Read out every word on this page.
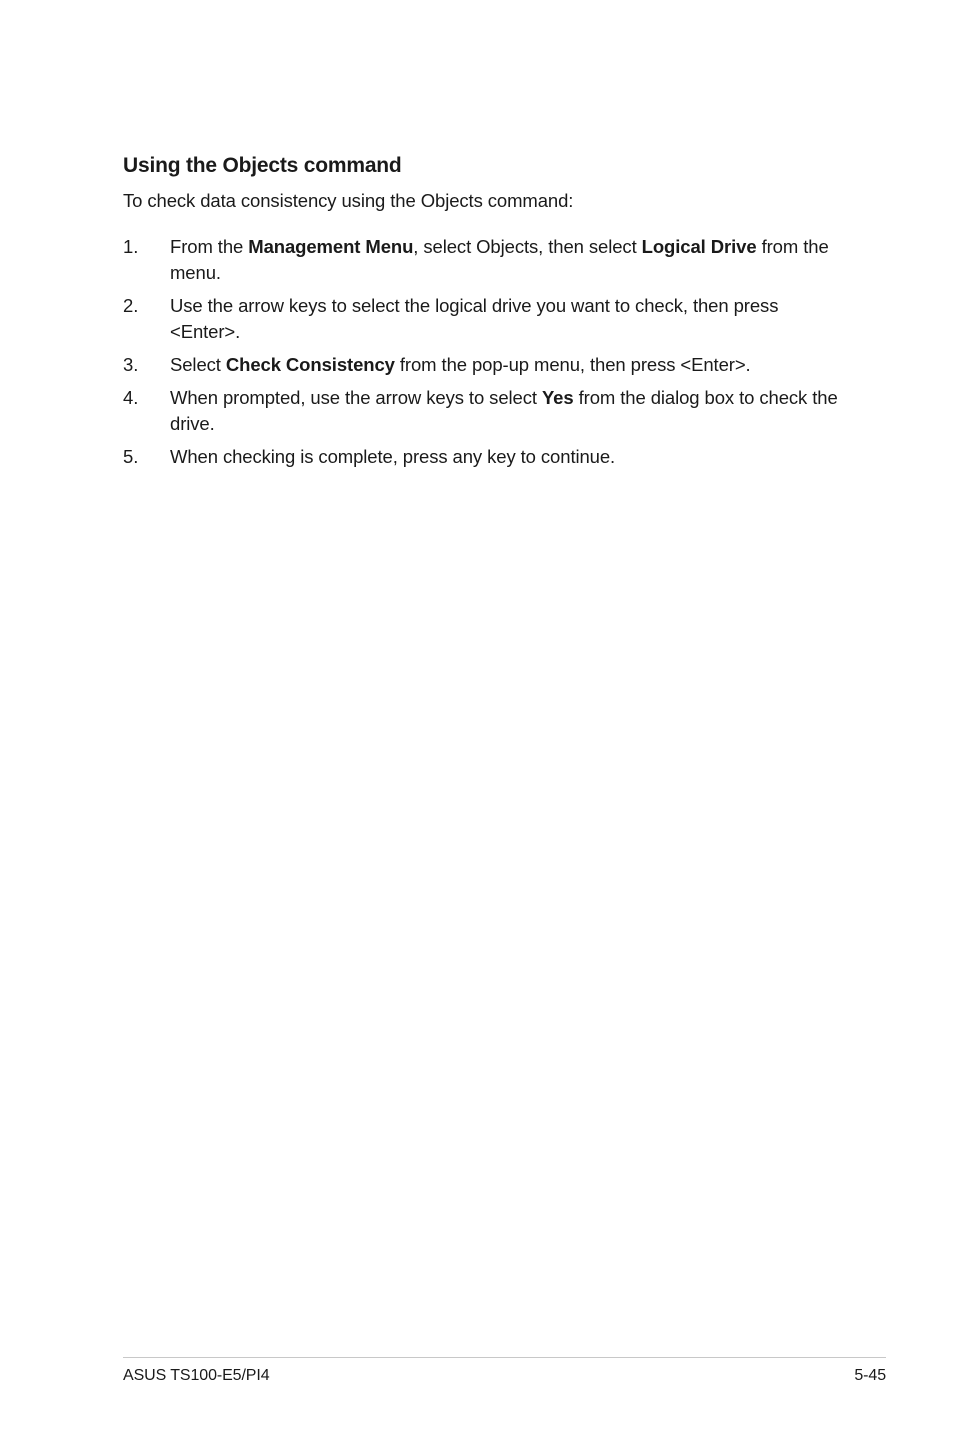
Using the Objects command

To check data consistency using the Objects command:

1. From the Management Menu, select Objects, then select Logical Drive from the menu.
2. Use the arrow keys to select the logical drive you want to check, then press <Enter>.
3. Select Check Consistency from the pop-up menu, then press <Enter>.
4. When prompted, use the arrow keys to select Yes from the dialog box to check the drive.
5. When checking is complete, press any key to continue.
ASUS TS100-E5/PI4	5-45
